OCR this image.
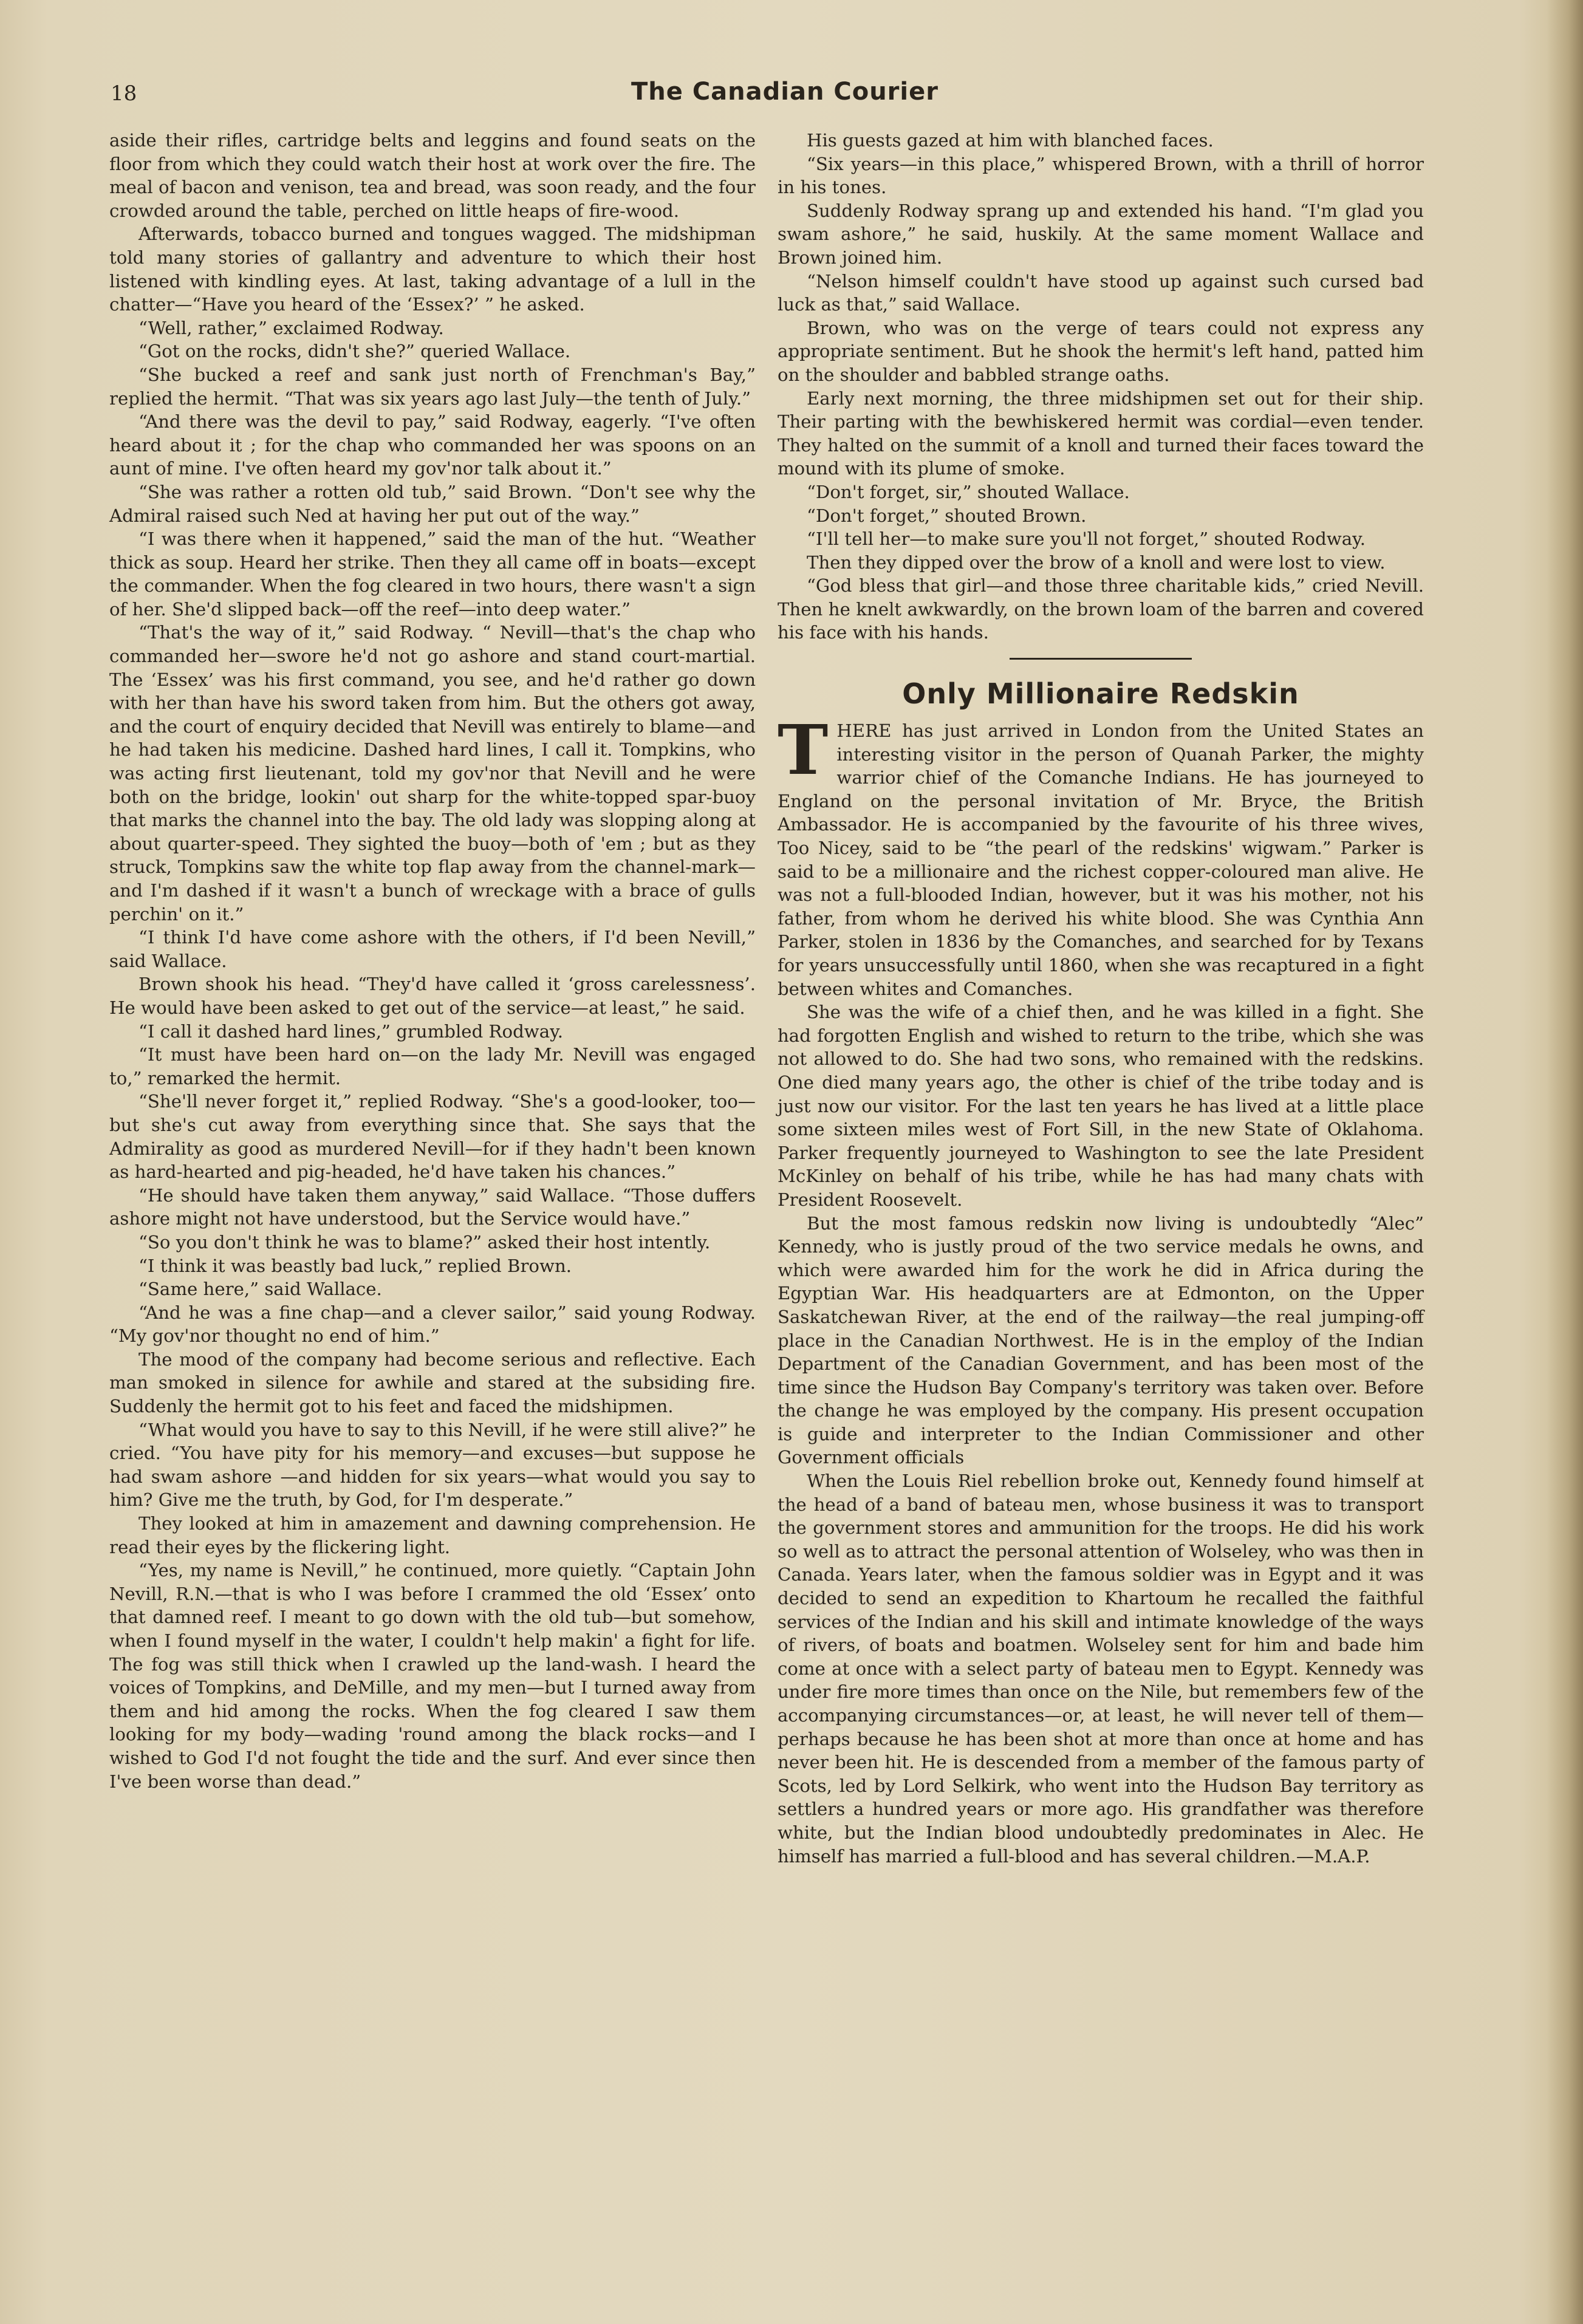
18	The Canadian Courier

aside their rifles, cartridge belts and leggins and found seats on the floor from which they could watch their host at work over the fire. The meal of bacon and venison, tea and bread, was soon ready, and the four crowded around the table, perched on little heaps of fire-wood.

Afterwards, tobacco burned and tongues wagged. The midshipman told many stories of gallantry and adventure to which their host listened with kindling eyes. At last, taking advantage of a lull in the chatter—“Have you heard of the ‘Essex?’ ” he asked.

“Well, rather,” exclaimed Rodway.

“Got on the rocks, didn't she?” queried Wallace.

“She bucked a reef and sank just north of Frenchman's Bay,” replied the hermit. “That was six years ago last July—the tenth of July.”

“And there was the devil to pay,” said Rodway, eagerly. “I've often heard about it ; for the chap who commanded her was spoons on an aunt of mine. I've often heard my gov'nor talk about it.”

“She was rather a rotten old tub,” said Brown. “Don't see why the Admiral raised such Ned at having her put out of the way.”

“I was there when it happened,” said the man of the hut. “Weather thick as soup. Heard her strike. Then they all came off in boats—except the commander. When the fog cleared in two hours, there wasn't a sign of her. She'd slipped back—off the reef—into deep water.”

“That's the way of it,” said Rodway. “ Nevill—that's the chap who commanded her—swore he'd not go ashore and stand court-martial. The ‘Essex’ was his first command, you see, and he'd rather go down with her than have his sword taken from him. But the others got away, and the court of enquiry decided that Nevill was entirely to blame—and he had taken his medicine. Dashed hard lines, I call it. Tompkins, who was acting first lieutenant, told my gov'nor that Nevill and he were both on the bridge, lookin' out sharp for the white-topped spar-buoy that marks the channel into the bay. The old lady was slopping along at about quarter-speed. They sighted the buoy—both of 'em ; but as they struck, Tompkins saw the white top flap away from the channel-mark—and I'm dashed if it wasn't a bunch of wreckage with a brace of gulls perchin' on it.”

“I think I'd have come ashore with the others, if I'd been Nevill,” said Wallace.

Brown shook his head. “They'd have called it ‘gross carelessness’. He would have been asked to get out of the service—at least,” he said.

“I call it dashed hard lines,” grumbled Rodway.

“It must have been hard on—on the lady Mr. Nevill was engaged to,” remarked the hermit.

“She'll never forget it,” replied Rodway. “She's a good-looker, too—but she's cut away from everything since that. She says that the Admirality as good as murdered Nevill—for if they hadn't been known as hard-hearted and pig-headed, he'd have taken his chances.”

“He should have taken them anyway,” said Wallace. “Those duffers ashore might not have understood, but the Service would have.”

“So you don't think he was to blame?” asked their host intently.

“I think it was beastly bad luck,” replied Brown.

“Same here,” said Wallace.

“And he was a fine chap—and a clever sailor,” said young Rodway. “My gov'nor thought no end of him.”

The mood of the company had become serious and reflective. Each man smoked in silence for awhile and stared at the subsiding fire. Suddenly the hermit got to his feet and faced the midshipmen.

“What would you have to say to this Nevill, if he were still alive?” he cried. “You have pity for his memory—and excuses—but suppose he had swam ashore —and hidden for six years—what would you say to him? Give me the truth, by God, for I'm desperate.”

They looked at him in amazement and dawning comprehension. He read their eyes by the flickering light.

“Yes, my name is Nevill,” he continued, more quietly. “Captain John Nevill, R.N.—that is who I was before I crammed the old ‘Essex’ onto that damned reef. I meant to go down with the old tub—but somehow, when I found myself in the water, I couldn't help makin' a fight for life. The fog was still thick when I crawled up the land-wash. I heard the voices of Tompkins, and DeMille, and my men—but I turned away from them and hid among the rocks. When the fog cleared I saw them looking for my body—wading 'round among the black rocks—and I wished to God I'd not fought the tide and the surf. And ever since then I've been worse than dead.”

His guests gazed at him with blanched faces.

“Six years—in this place,” whispered Brown, with a thrill of horror in his tones.

Suddenly Rodway sprang up and extended his hand. “I'm glad you swam ashore,” he said, huskily. At the same moment Wallace and Brown joined him.

“Nelson himself couldn't have stood up against such cursed bad luck as that,” said Wallace.

Brown, who was on the verge of tears could not express any appropriate sentiment. But he shook the hermit's left hand, patted him on the shoulder and babbled strange oaths.

Early next morning, the three midshipmen set out for their ship. Their parting with the bewhiskered hermit was cordial—even tender. They halted on the summit of a knoll and turned their faces toward the mound with its plume of smoke.

“Don't forget, sir,” shouted Wallace.

“Don't forget,” shouted Brown.

“I'll tell her—to make sure you'll not forget,” shouted Rodway.

Then they dipped over the brow of a knoll and were lost to view.

“God bless that girl—and those three charitable kids,” cried Nevill. Then he knelt awkwardly, on the brown loam of the barren and covered his face with his hands.

Only Millionaire Redskin

THERE has just arrived in London from the United States an interesting visitor in the person of Quanah Parker, the mighty warrior chief of the Comanche Indians. He has journeyed to England on the personal invitation of Mr. Bryce, the British Ambassador. He is accompanied by the favourite of his three wives, Too Nicey, said to be “the pearl of the redskins' wigwam.” Parker is said to be a millionaire and the richest copper-coloured man alive. He was not a full-blooded Indian, however, but it was his mother, not his father, from whom he derived his white blood. She was Cynthia Ann Parker, stolen in 1836 by the Comanches, and searched for by Texans for years unsuccessfully until 1860, when she was recaptured in a fight between whites and Comanches.

She was the wife of a chief then, and he was killed in a fight. She had forgotten English and wished to return to the tribe, which she was not allowed to do. She had two sons, who remained with the redskins. One died many years ago, the other is chief of the tribe today and is just now our visitor. For the last ten years he has lived at a little place some sixteen miles west of Fort Sill, in the new State of Oklahoma. Parker frequently journeyed to Washington to see the late President McKinley on behalf of his tribe, while he has had many chats with President Roosevelt.

But the most famous redskin now living is undoubtedly “Alec” Kennedy, who is justly proud of the two service medals he owns, and which were awarded him for the work he did in Africa during the Egyptian War. His headquarters are at Edmonton, on the Upper Saskatchewan River, at the end of the railway—the real jumping-off place in the Canadian Northwest. He is in the employ of the Indian Department of the Canadian Government, and has been most of the time since the Hudson Bay Company's territory was taken over. Before the change he was employed by the company. His present occupation is guide and interpreter to the Indian Commissioner and other Government officials

When the Louis Riel rebellion broke out, Kennedy found himself at the head of a band of bateau men, whose business it was to transport the government stores and ammunition for the troops. He did his work so well as to attract the personal attention of Wolseley, who was then in Canada. Years later, when the famous soldier was in Egypt and it was decided to send an expedition to Khartoum he recalled the faithful services of the Indian and his skill and intimate knowledge of the ways of rivers, of boats and boatmen. Wolseley sent for him and bade him come at once with a select party of bateau men to Egypt. Kennedy was under fire more times than once on the Nile, but remembers few of the accompanying circumstances—or, at least, he will never tell of them—perhaps because he has been shot at more than once at home and has never been hit. He is descended from a member of the famous party of Scots, led by Lord Selkirk, who went into the Hudson Bay territory as settlers a hundred years or more ago. His grandfather was therefore white, but the Indian blood undoubtedly predominates in Alec. He himself has married a full-blood and has several children.—M.A.P.
